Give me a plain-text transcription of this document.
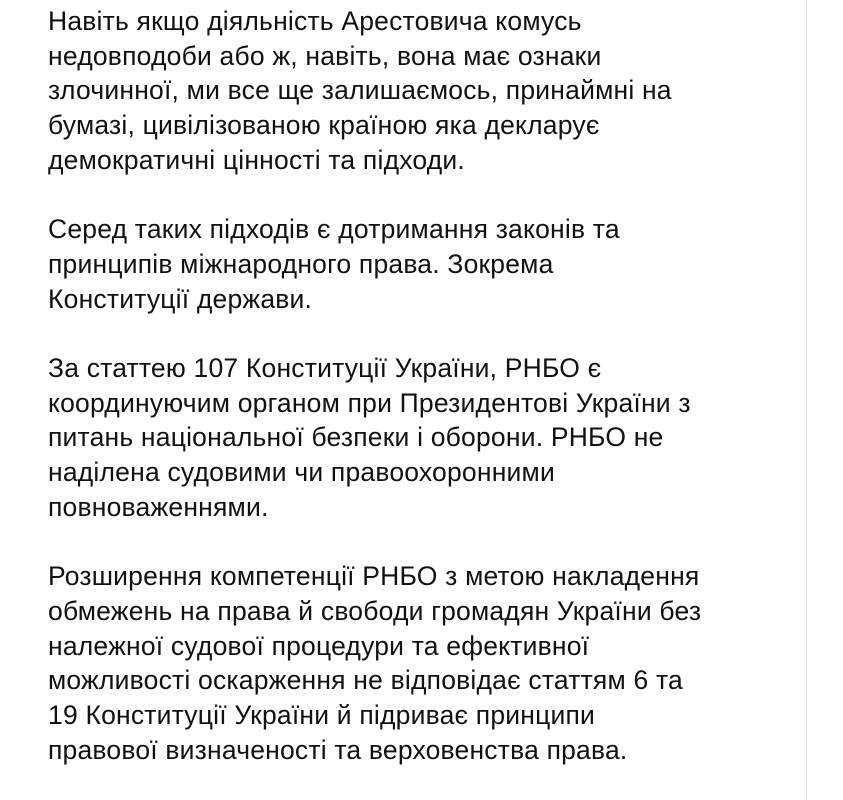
Навіть якщо діяльність Арестовича комусь
недовподоби або ж, навіть, вона має ознаки
злочинної, ми все ще залишаємось, принаймні на
бумазі, цивілізованою країною яка декларує
демократичні цінності та підходи.

Серед таких підходів є дотримання законів та
принципів міжнародного права. Зокрема
Конституції держави.

За статтею 107 Конституції України, РНБО є
координуючим органом при Президентові України з
питань національної безпеки і оборони. РНБО не
наділена судовими чи правоохоронними
повноваженнями.

Розширення компетенції РНБО з метою накладення
обмежень на права й свободи громадян України без
належної судової процедури та ефективної
можливості оскарження не відповідає статтям 6 та
19 Конституції України й підриває принципи
правової визначеності та верховенства права.
